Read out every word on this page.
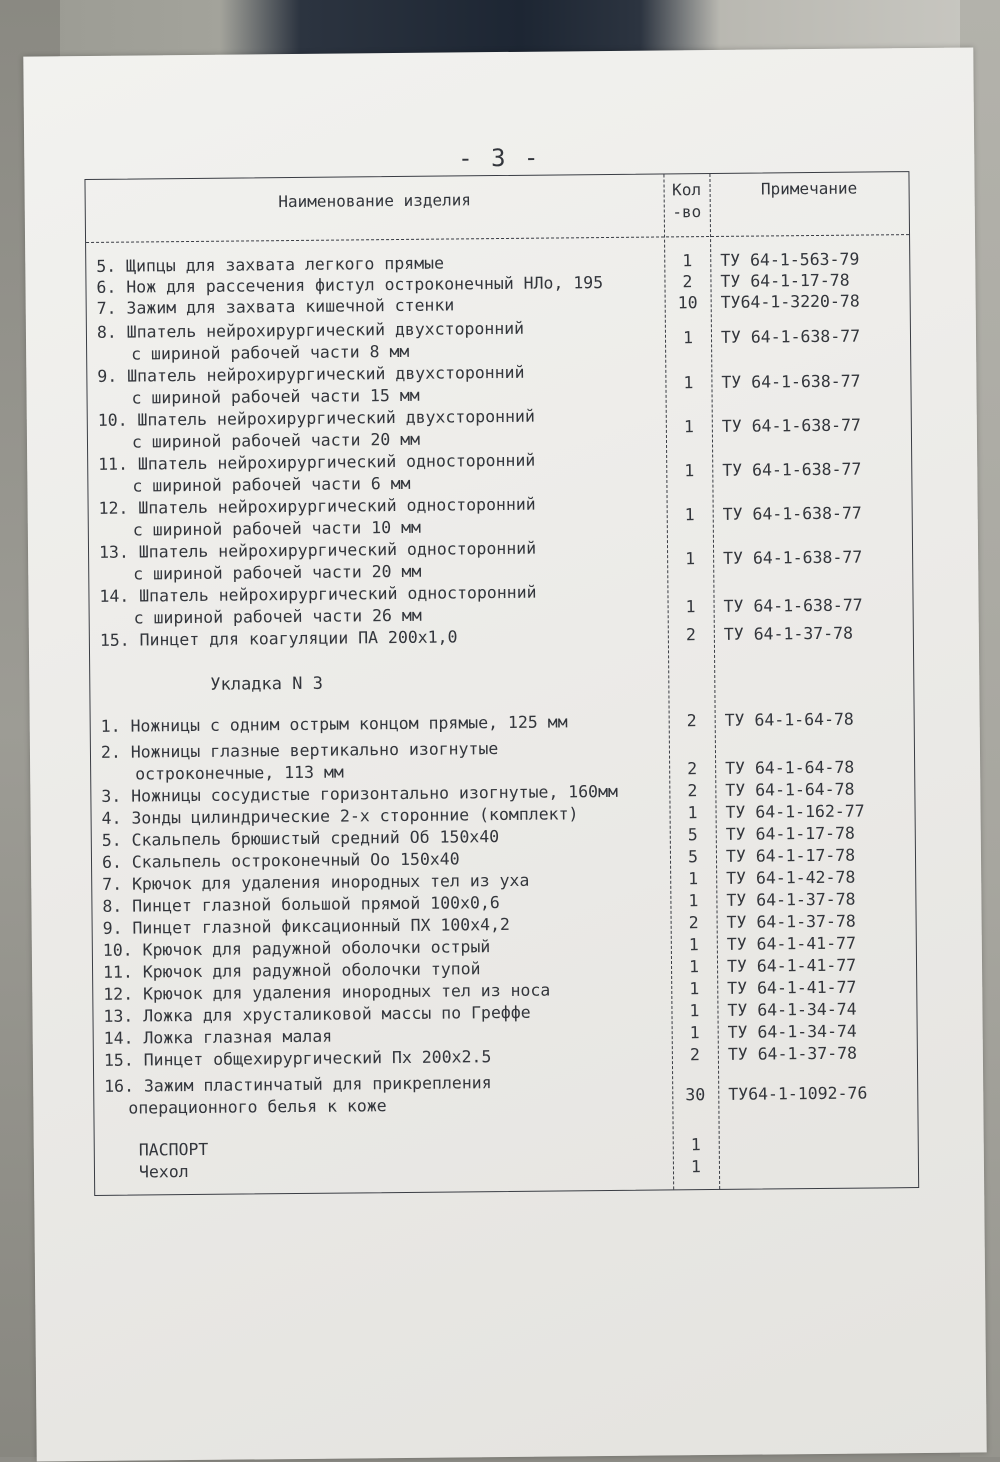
- 3 -
Наименование изделия
Кол
-во
Примечание
5. Щипцы для захвата легкого прямые	1	ТУ 64-1-563-79
6. Нож для рассечения фистул остроконечный НЛо, 195	2	ТУ 64-1-17-78
7. Зажим для захвата кишечной стенки	10	ТУ64-1-3220-78
8. Шпатель нейрохирургический двухсторонний
с шириной рабочей части 8 мм
1	ТУ 64-1-638-77
9. Шпатель нейрохирургический двухсторонний
с шириной рабочей части 15 мм
1	ТУ 64-1-638-77
10. Шпатель нейрохирургический двухсторонний
с шириной рабочей части 20 мм
1	ТУ 64-1-638-77
11. Шпатель нейрохирургический односторонний
с шириной рабочей части 6 мм
1	ТУ 64-1-638-77
12. Шпатель нейрохирургический односторонний
с шириной рабочей части 10 мм
1	ТУ 64-1-638-77
13. Шпатель нейрохирургический односторонний
с шириной рабочей части 20 мм
1	ТУ 64-1-638-77
14. Шпатель нейрохирургический односторонний
с шириной рабочей части 26 мм	1	ТУ 64-1-638-77
15. Пинцет для коагуляции ПА 200х1,0	2	ТУ 64-1-37-78
Укладка N 3
1. Ножницы с одним острым концом прямые, 125 мм	2	ТУ 64-1-64-78
2. Ножницы глазные вертикально изогнутые
остроконечные, 113 мм	2	ТУ 64-1-64-78
3. Ножницы сосудистые горизонтально изогнутые, 160мм	2	ТУ 64-1-64-78
4. Зонды цилиндрические 2-х сторонние (комплект)	1	ТУ 64-1-162-77
5. Скальпель брюшистый средний Об 150х40	5	ТУ 64-1-17-78
6. Скальпель остроконечный Оо 150х40	5	ТУ 64-1-17-78
7. Крючок для удаления инородных тел из уха	1	ТУ 64-1-42-78
8. Пинцет глазной большой прямой 100х0,6	1	ТУ 64-1-37-78
9. Пинцет глазной фиксационный ПХ 100х4,2	2	ТУ 64-1-37-78
10. Крючок для радужной оболочки острый	1	ТУ 64-1-41-77
11. Крючок для радужной оболочки тупой	1	ТУ 64-1-41-77
12. Крючок для удаления инородных тел из носа	1	ТУ 64-1-41-77
13. Ложка для хрусталиковой массы по Греффе	1	ТУ 64-1-34-74
14. Ложка глазная малая	1	ТУ 64-1-34-74
15. Пинцет общехирургический Пх 200х2.5	2	ТУ 64-1-37-78
16. Зажим пластинчатый для прикрепления
операционного белья к коже
30	ТУ64-1-1092-76
ПАСПОРТ	1
Чехол	1
